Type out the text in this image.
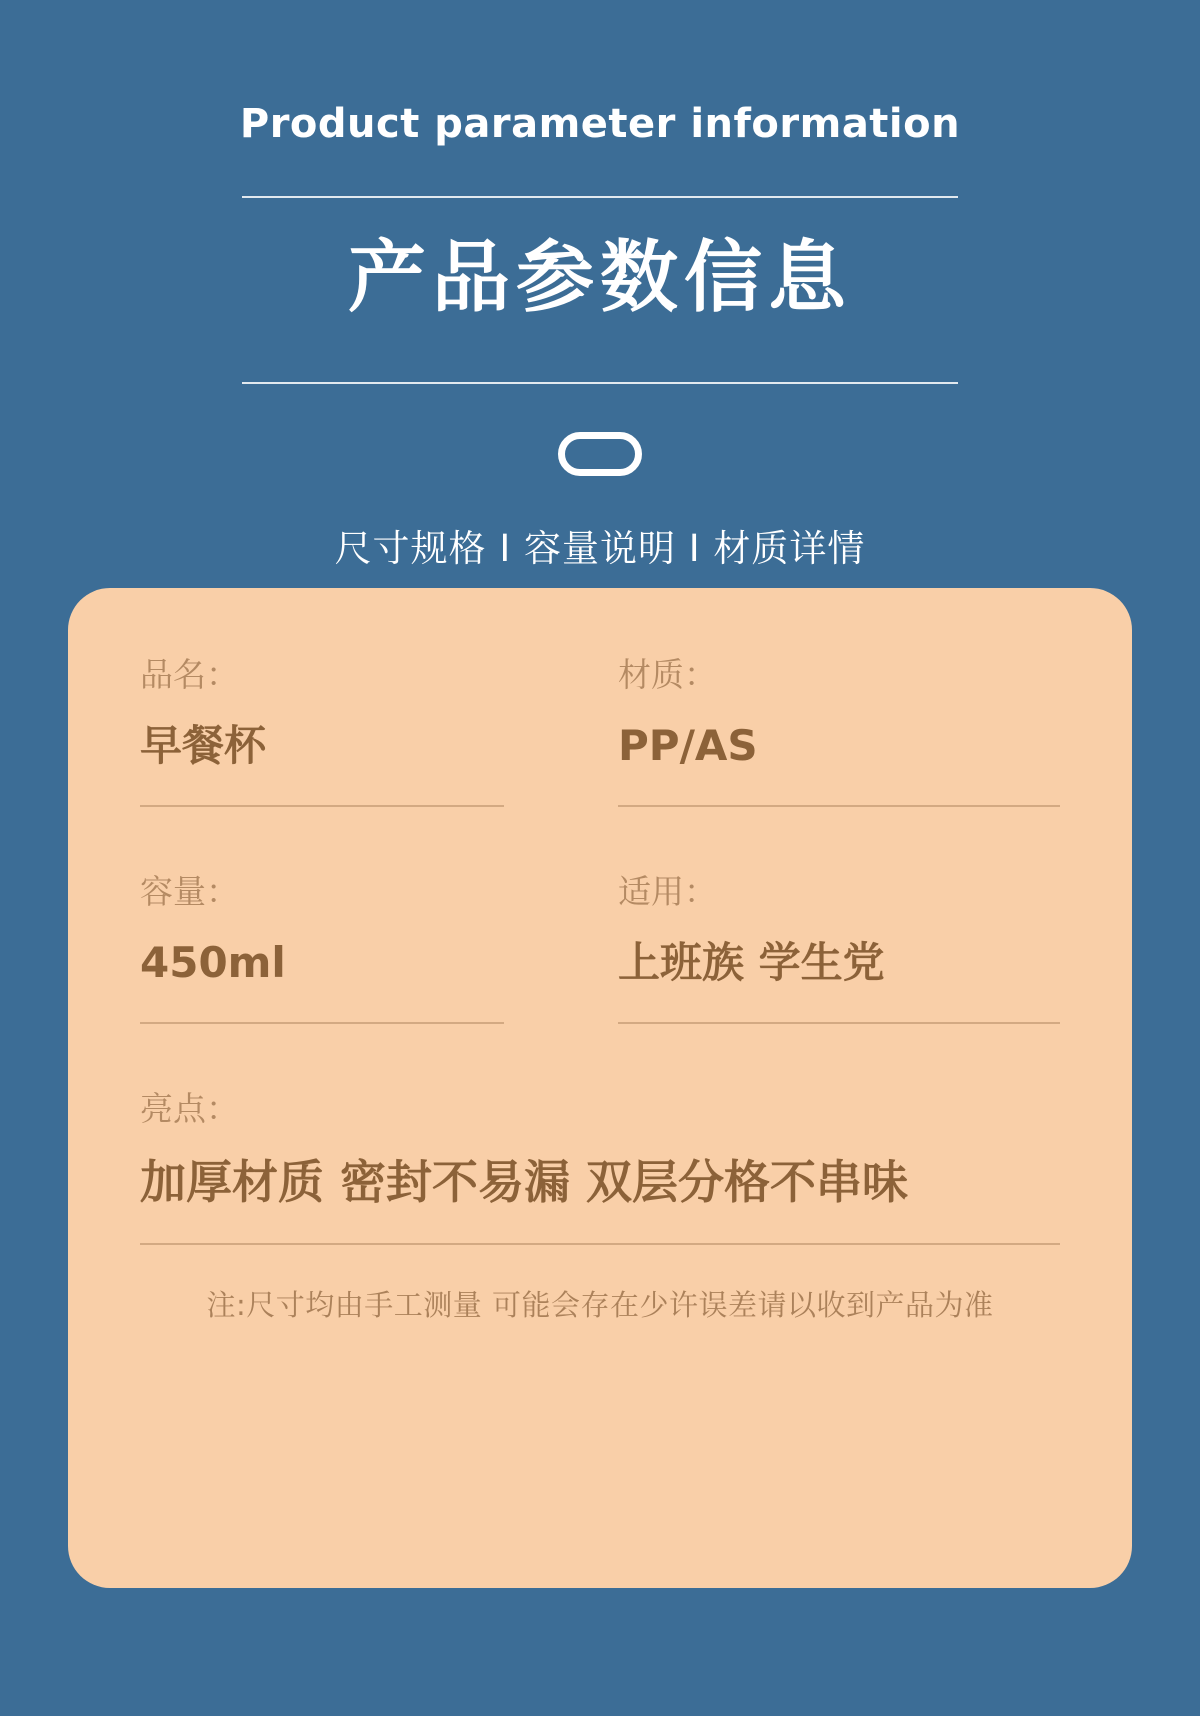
Product parameter information
产品参数信息
尺寸规格 I 容量说明 I 材质详情
品名：
早餐杯
材质：
PP/AS
容量：
450ml
适用：
上班族 学生党
亮点：
加厚材质 密封不易漏 双层分格不串味
注:尺寸均由手工测量 可能会存在少许误差请以收到产品为准
